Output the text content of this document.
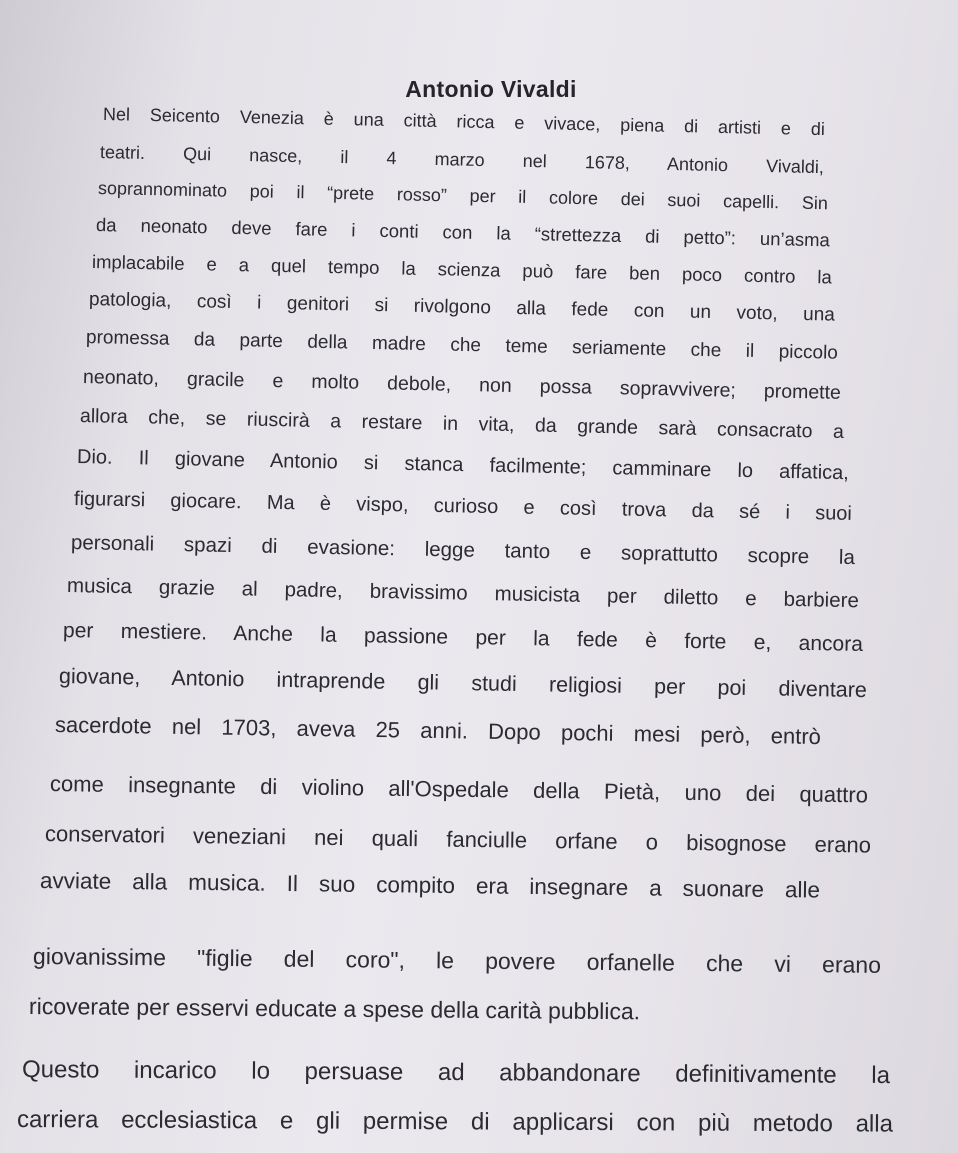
Antonio Vivaldi
Nel Seicento Venezia è una città ricca e vivace, piena di artisti e di
teatri. Qui nasce, il 4 marzo nel 1678, Antonio Vivaldi,
soprannominato poi il “prete rosso” per il colore dei suoi capelli. Sin
da neonato deve fare i conti con la “strettezza di petto”: un’asma
implacabile e a quel tempo la scienza può fare ben poco contro la
patologia, così i genitori si rivolgono alla fede con un voto, una
promessa da parte della madre che teme seriamente che il piccolo
neonato, gracile e molto debole, non possa sopravvivere; promette
allora che, se riuscirà a restare in vita, da grande sarà consacrato a
Dio. Il giovane Antonio si stanca facilmente; camminare lo affatica,
figurarsi giocare. Ma è vispo, curioso e così trova da sé i suoi
personali spazi di evasione: legge tanto e soprattutto scopre la
musica grazie al padre, bravissimo musicista per diletto e barbiere
per mestiere. Anche la passione per la fede è forte e, ancora
giovane, Antonio intraprende gli studi religiosi per poi diventare
sacerdote nel 1703, aveva 25 anni. Dopo pochi mesi però, entrò
come insegnante di violino all'Ospedale della Pietà, uno dei quattro
conservatori veneziani nei quali fanciulle orfane o bisognose erano
avviate alla musica. Il suo compito era insegnare a suonare alle
giovanissime "figlie del coro", le povere orfanelle che vi erano
ricoverate per esservi educate a spese della carità pubblica.
Questo incarico lo persuase ad abbandonare definitivamente la
carriera ecclesiastica e gli permise di applicarsi con più metodo alla
